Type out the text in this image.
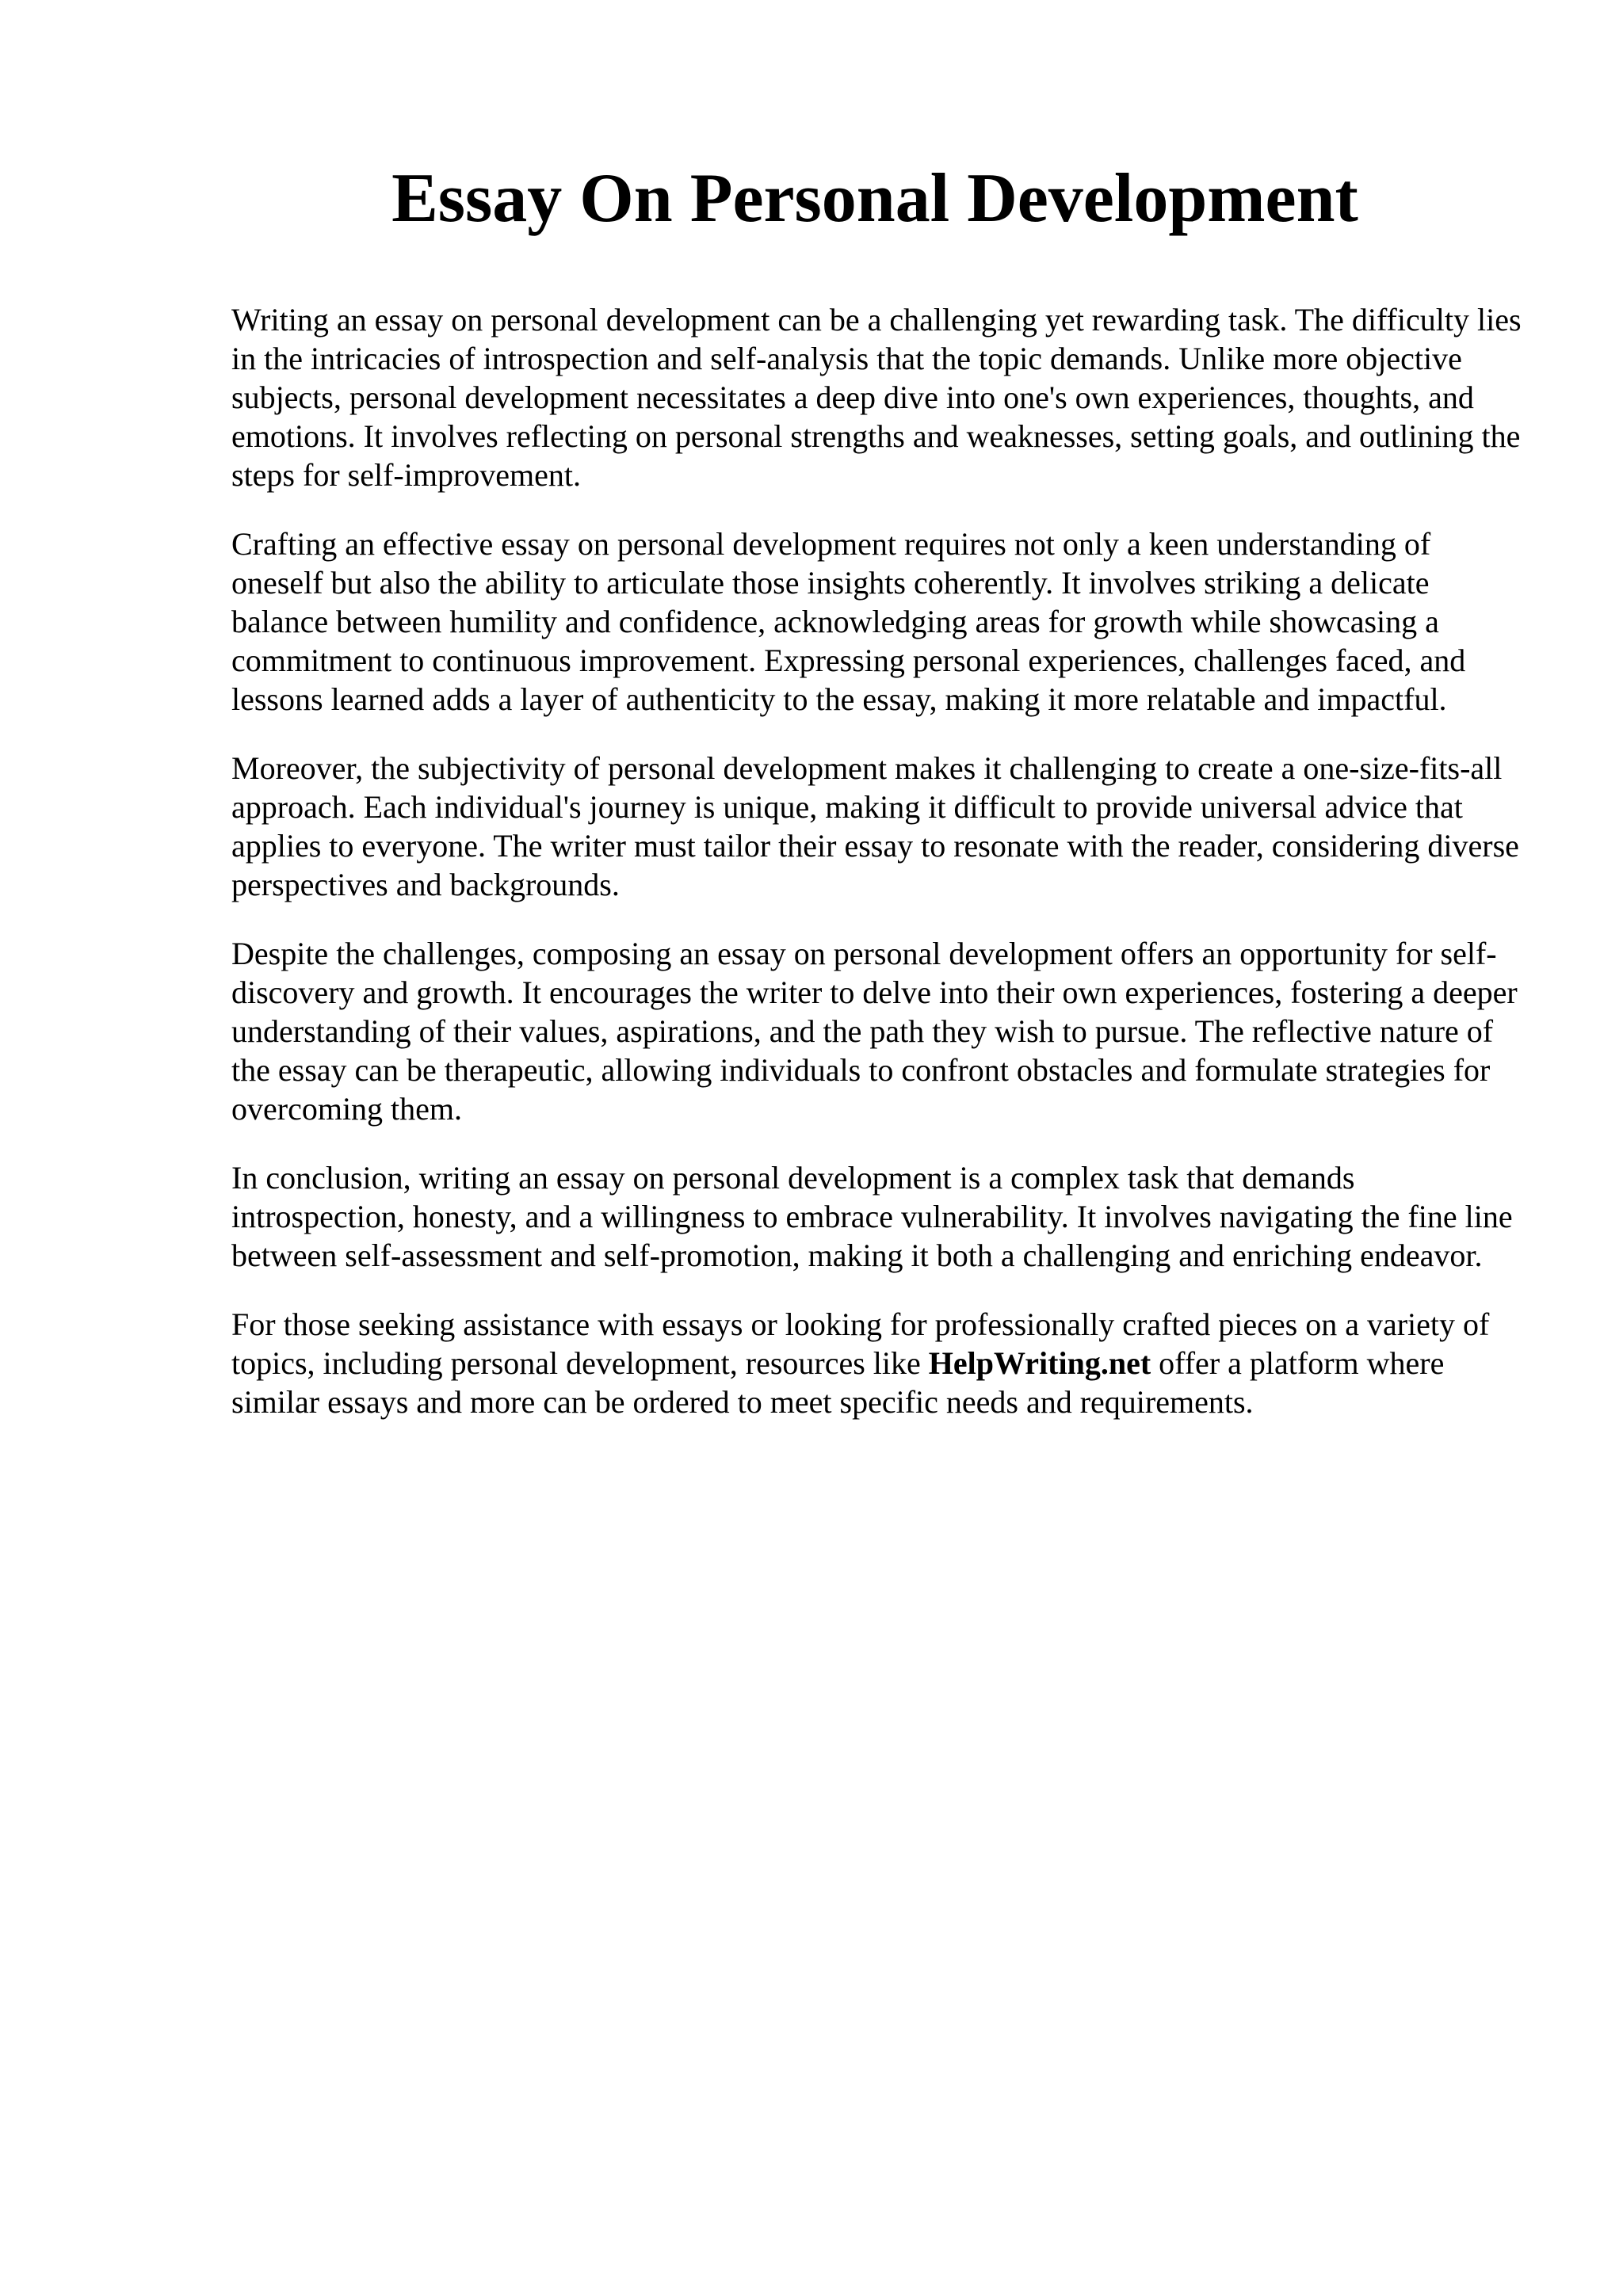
Essay On Personal Development

Writing an essay on personal development can be a challenging yet rewarding task. The difficulty lies in the intricacies of introspection and self-analysis that the topic demands. Unlike more objective subjects, personal development necessitates a deep dive into one's own experiences, thoughts, and emotions. It involves reflecting on personal strengths and weaknesses, setting goals, and outlining the steps for self-improvement.

Crafting an effective essay on personal development requires not only a keen understanding of oneself but also the ability to articulate those insights coherently. It involves striking a delicate balance between humility and confidence, acknowledging areas for growth while showcasing a commitment to continuous improvement. Expressing personal experiences, challenges faced, and lessons learned adds a layer of authenticity to the essay, making it more relatable and impactful.

Moreover, the subjectivity of personal development makes it challenging to create a one-size-fits-all approach. Each individual's journey is unique, making it difficult to provide universal advice that applies to everyone. The writer must tailor their essay to resonate with the reader, considering diverse perspectives and backgrounds.

Despite the challenges, composing an essay on personal development offers an opportunity for self-discovery and growth. It encourages the writer to delve into their own experiences, fostering a deeper understanding of their values, aspirations, and the path they wish to pursue. The reflective nature of the essay can be therapeutic, allowing individuals to confront obstacles and formulate strategies for overcoming them.

In conclusion, writing an essay on personal development is a complex task that demands introspection, honesty, and a willingness to embrace vulnerability. It involves navigating the fine line between self-assessment and self-promotion, making it both a challenging and enriching endeavor.

For those seeking assistance with essays or looking for professionally crafted pieces on a variety of topics, including personal development, resources like HelpWriting.net offer a platform where similar essays and more can be ordered to meet specific needs and requirements.
